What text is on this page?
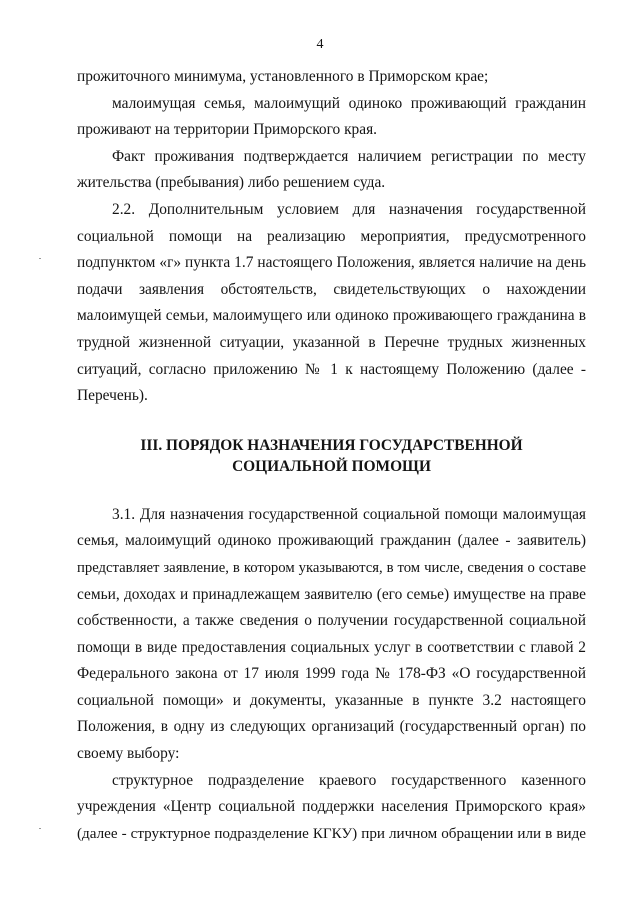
4
прожиточного минимума, установленного в Приморском крае;
малоимущая семья, малоимущий одиноко проживающий гражданин
проживают на территории Приморского края.
Факт проживания подтверждается наличием регистрации по месту
жительства (пребывания) либо решением суда.
2.2. Дополнительным условием для назначения государственной
социальной помощи на реализацию мероприятия, предусмотренного
подпунктом «г» пункта 1.7 настоящего Положения, является наличие на день
подачи заявления обстоятельств, свидетельствующих о нахождении
малоимущей семьи, малоимущего или одиноко проживающего гражданина в
трудной жизненной ситуации, указанной в Перечне трудных жизненных
ситуаций, согласно приложению № 1 к настоящему Положению (далее -
Перечень).
III. ПОРЯДОК НАЗНАЧЕНИЯ ГОСУДАРСТВЕННОЙ
СОЦИАЛЬНОЙ ПОМОЩИ
3.1. Для назначения государственной социальной помощи малоимущая
семья, малоимущий одиноко проживающий гражданин (далее - заявитель)
представляет заявление, в котором указываются, в том числе, сведения о составе
семьи, доходах и принадлежащем заявителю (его семье) имуществе на праве
собственности, а также сведения о получении государственной социальной
помощи в виде предоставления социальных услуг в соответствии с главой 2
Федерального закона от 17 июля 1999 года № 178-ФЗ «О государственной
социальной помощи» и документы, указанные в пункте 3.2 настоящего
Положения, в одну из следующих организаций (государственный орган) по
своему выбору:
структурное подразделение краевого государственного казенного
учреждения «Центр социальной поддержки населения Приморского края»
(далее - структурное подразделение КГКУ) при личном обращении или в виде
